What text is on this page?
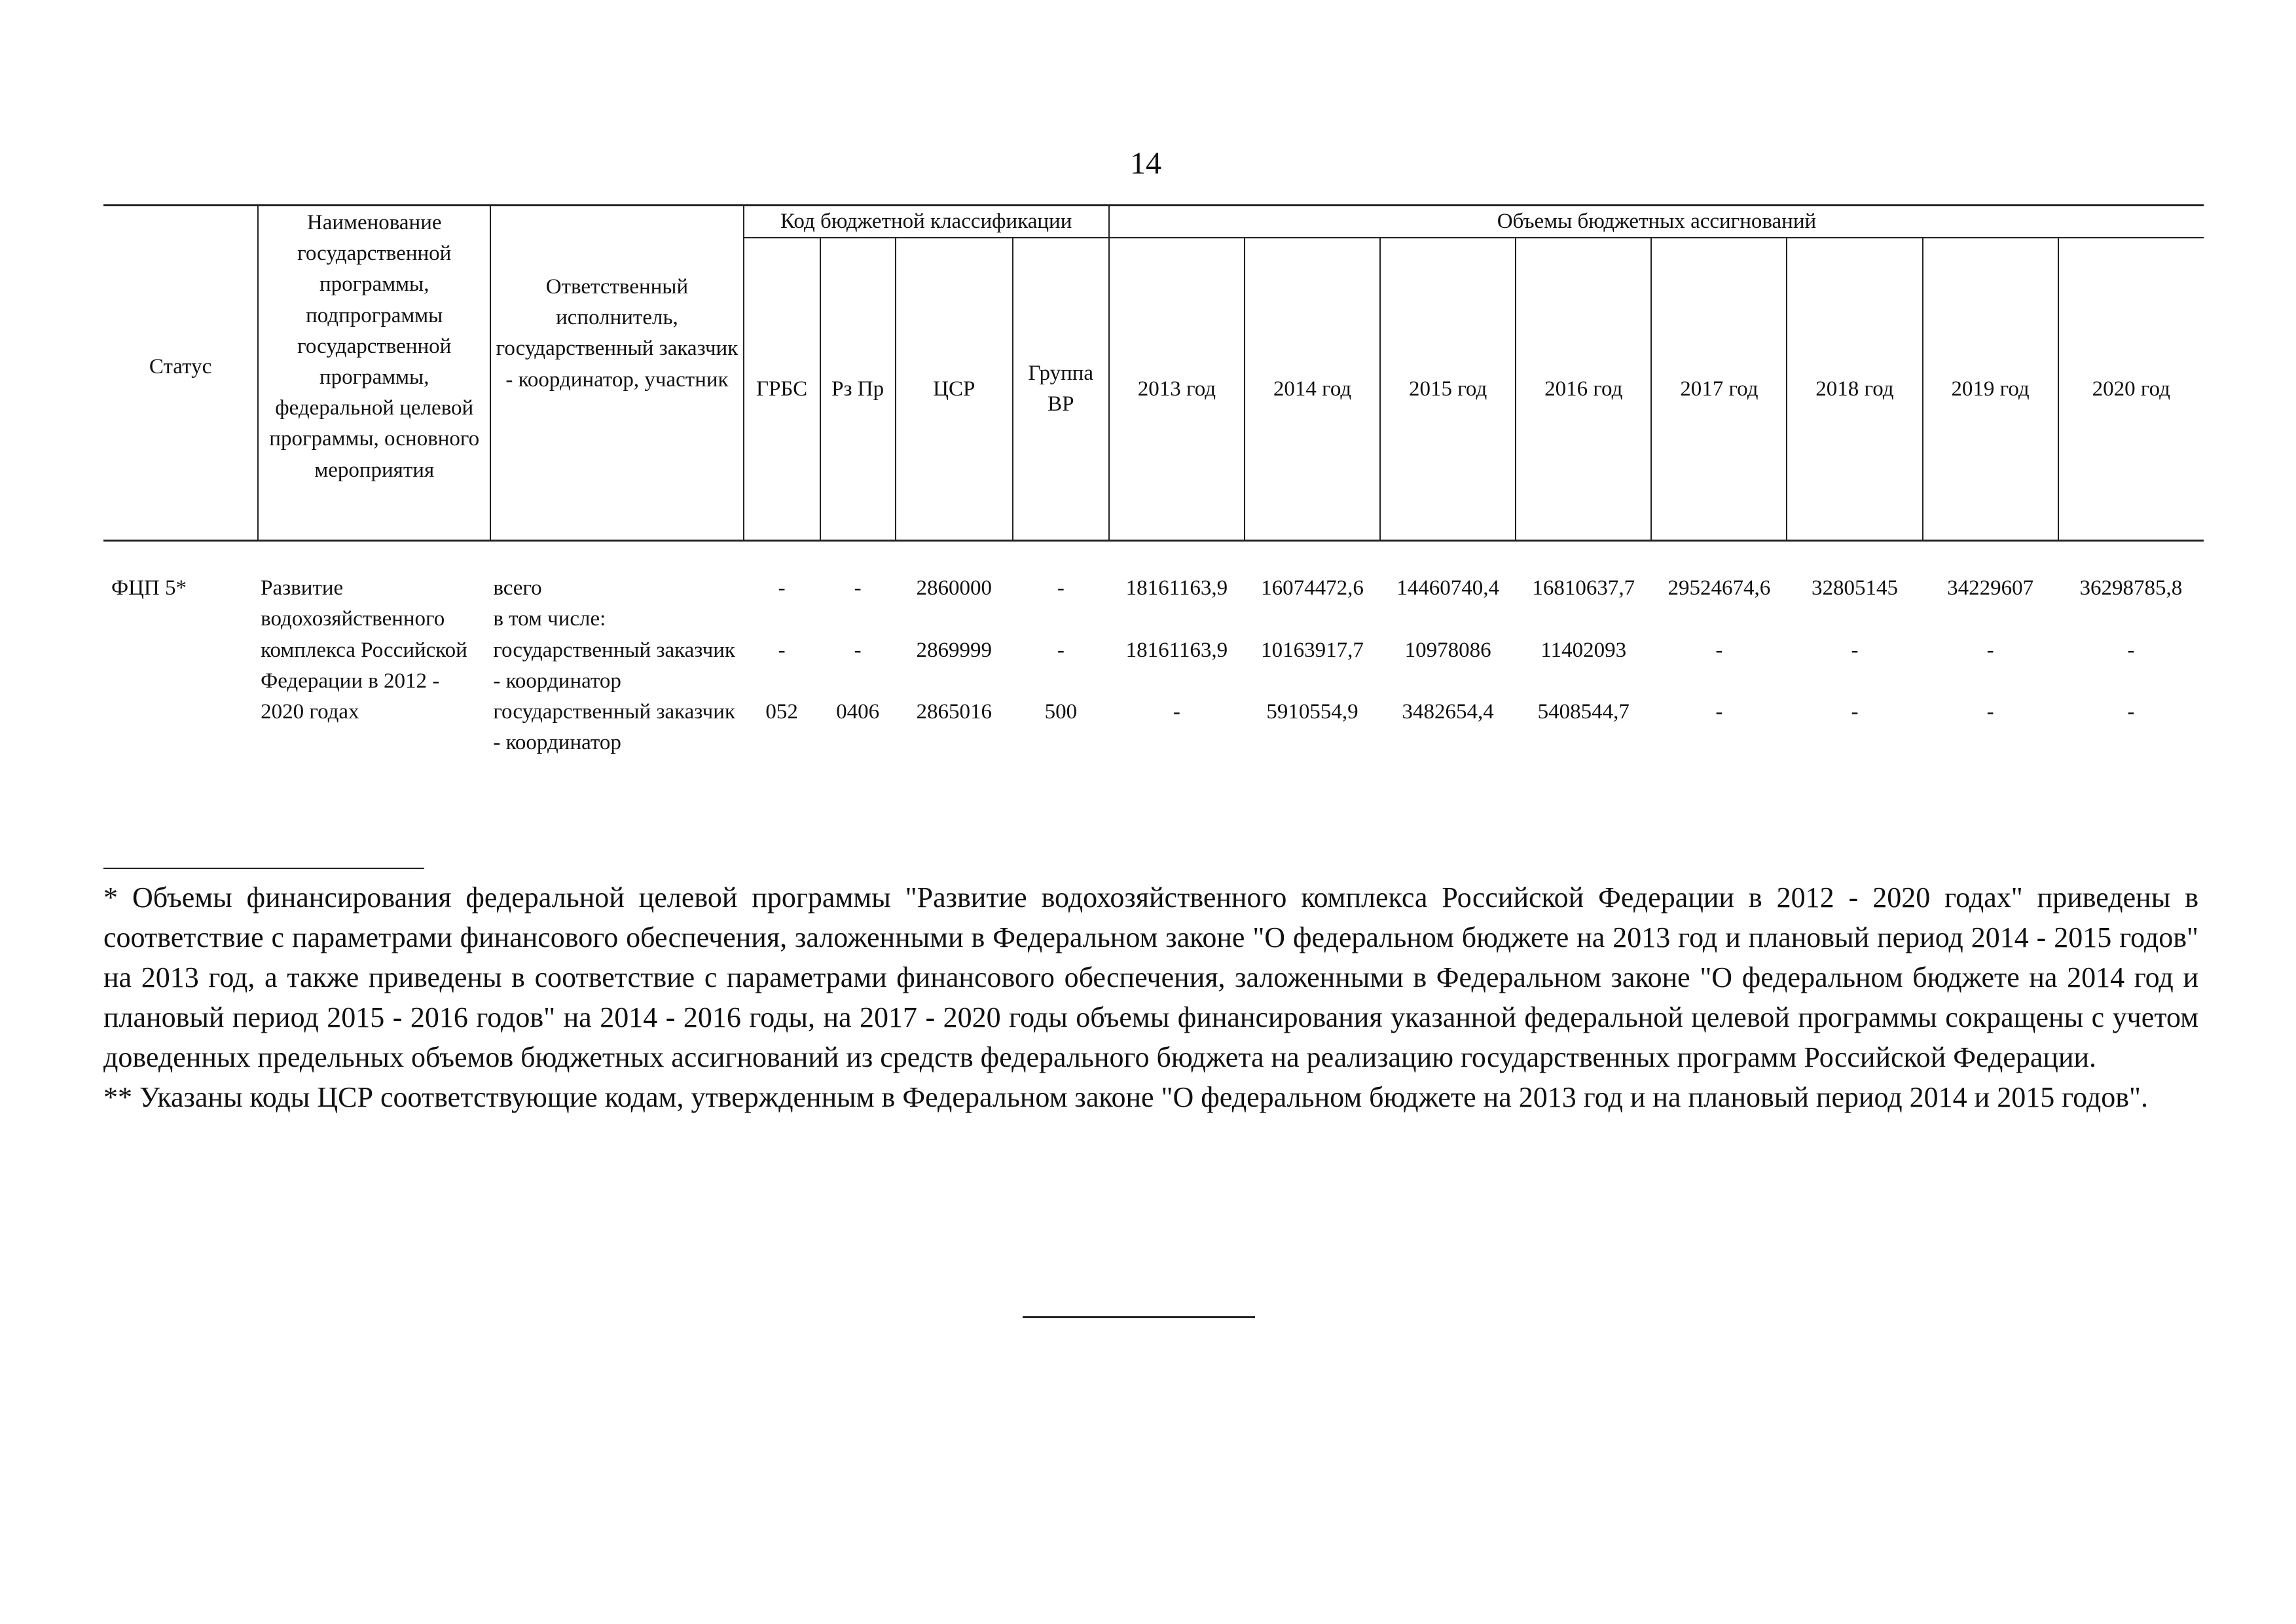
14
Статус	Наименование государственной программы, подпрограммы государственной программы, федеральной целевой программы, основного мероприятия	Ответственный исполнитель, государственный заказчик - координатор, участник	Код бюджетной классификации				Объемы бюджетных ассигнований							
			ГРБС	Рз Пр	ЦСР	Группа ВР	2013 год	2014 год	2015 год	2016 год	2017 год	2018 год	2019 год	2020 год

ФЦП 5*	Развитие водохозяйственного комплекса Российской Федерации в 2012 - 2020 годах	всего	-	-	2860000	-	18161163,9	16074472,6	14460740,4	16810637,7	29524674,6	32805145	34229607	36298785,8
		в том числе:												
		государственный заказчик - координатор	-	-	2869999	-	18161163,9	10163917,7	10978086	11402093	-	-	-	-
		государственный заказчик - координатор	052	0406	2865016	500	-	5910554,9	3482654,4	5408544,7	-	-	-	-

* Объемы финансирования федеральной целевой программы "Развитие водохозяйственного комплекса Российской Федерации в 2012 - 2020 годах" приведены в соответствие с параметрами финансового обеспечения, заложенными в Федеральном законе "О федеральном бюджете на 2013 год и плановый период 2014 - 2015 годов" на 2013 год, а также приведены в соответствие с параметрами финансового обеспечения, заложенными в Федеральном законе "О федеральном бюджете на 2014 год и плановый период 2015 - 2016 годов" на 2014 - 2016 годы, на 2017 - 2020 годы объемы финансирования указанной федеральной целевой программы сокращены с учетом доведенных предельных объемов бюджетных ассигнований из средств федерального бюджета на реализацию государственных программ Российской Федерации.

** Указаны коды ЦСР соответствующие кодам, утвержденным в Федеральном законе "О федеральном бюджете на 2013 год и на плановый период 2014 и 2015 годов".
